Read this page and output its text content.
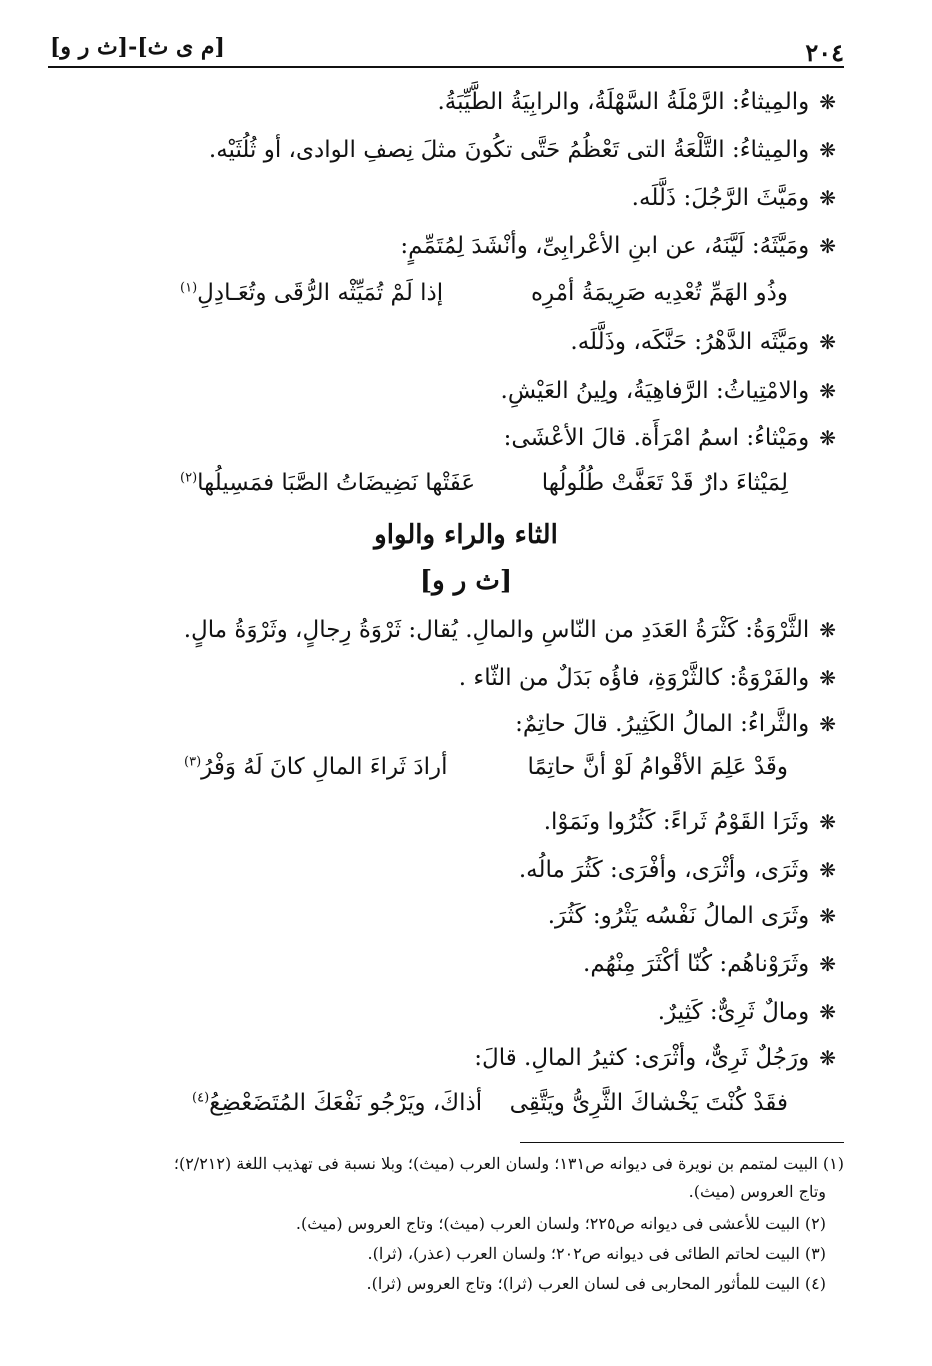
٢٠٤
[م ى ث]-[ث ر و]
❋والمِيثاءُ: الرَّمْلَةُ السَّهْلَةُ، والرابِيَةُ الطَّيِّبَةُ.
❋والمِيثاءُ: التَّلْعَةُ التى تَعْظُمُ حَتَّى تكُونَ مثلَ نِصفِ الوادى، أو ثُلُثَيْه.
❋ومَيَّثَ الرَّجُلَ: ذَلَّلَه.
❋ومَيَّثَهُ: لَيَّنَهُ، عن ابنِ الأعْرابِىِّ، وأنْشَدَ لِمُتَمِّمٍ:
وذُو الهَمِّ تُعْدِيه صَرِيمَةُ أمْرِه
إذا لَمْ تُمَيِّثْه الرُّقَى وتُعَـادِلِ$^{(١)}$
❋ومَيَّثَه الدَّهْرُ: حَنَّكَه، وذَلَّلَه.
❋والامْتِياثُ: الرَّفاهِيَةُ، ولِينُ العَيْشِ.
❋ومَيْثاءُ: اسمُ امْرَأَة. قالَ الأعْشَى:
لِمَيْثاءَ دارٌ قَدْ تَعَفَّتْ طُلُولُها
عَفَتْها نَضِيضَاتُ الصَّبَا فمَسِيلُها$^{(٢)}$
الثاء والراء والواو
[ث ر و]
❋الثَّرْوَةُ: كَثْرَةُ العَدَدِ من النّاسِ والمالِ. يُقال: ثَرْوَةُ رِجالٍ، وثَرْوَةُ مالٍ.
❋والفَرْوَةُ: كالثَّرْوَةِ، فاؤُه بَدَلٌ من الثّاء .
❋والثَّراءُ: المالُ الكَثِيرُ. قالَ حاتِمٌ:
وقَدْ عَلِمَ الأقْوامُ لَوْ أنَّ حاتِمًا
أرادَ ثَراءَ المالِ كانَ لَهُ وَفْرُ$^{(٣)}$
❋وثَرَا القَوْمُ ثَراءً: كَثُرُوا ونَمَوْا.
❋وثَرَى، وأثْرَى، وأفْرَى: كَثُرَ مالُه.
❋وثَرَى المالُ نَفْسُه يَثْرُو: كَثُرَ.
❋وثَرَوْناهُم: كُنّا أكْثَرَ مِنْهُم.
❋ومالٌ ثَرِىٌّ: كَثِيرٌ.
❋ورَجُلٌ ثَرِىٌّ، وأثْرَى: كثيرُ المالِ. قالَ:
فقَدْ كُنْتَ يَخْشاكَ الثَّرِىُّ ويَتَّقِى
أذاكَ، ويَرْجُو نَفْعَكَ المُتَضَعْضِعُ$^{(٤)}$
(١) البيت لمتمم بن نويرة فى ديوانه ص١٣١؛ ولسان العرب (ميث)؛ وبلا نسبة فى تهذيب اللغة (٢/٢١٢)؛
وتاج العروس (ميث).
(٢) البيت للأعشى فى ديوانه ص٢٢٥؛ ولسان العرب (ميث)؛ وتاج العروس (ميث).
(٣) البيت لحاتم الطائى فى ديوانه ص٢٠٢؛ ولسان العرب (عذر)، (ثرا).
(٤) البيت للمأثور المحاربى فى لسان العرب (ثرا)؛ وتاج العروس (ثرا).
